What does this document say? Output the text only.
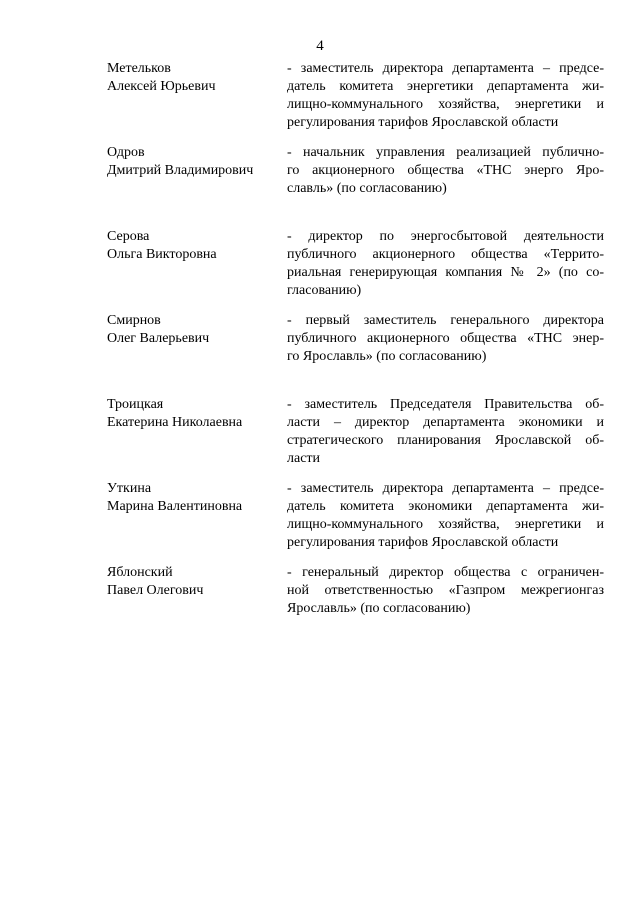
4
Метельков
Алексей Юрьевич
- заместитель директора департамента – предсе-
датель комитета энергетики департамента жи-
лищно-коммунального хозяйства, энергетики и
регулирования тарифов Ярославской области
Одров
Дмитрий Владимирович
- начальник управления реализацией публично-
го акционерного общества «ТНС энерго Яро-
славль» (по согласованию)
Серова
Ольга Викторовна
- директор по энергосбытовой деятельности
публичного акционерного общества «Террито-
риальная генерирующая компания № 2» (по со-
гласованию)
Смирнов
Олег Валерьевич
- первый заместитель генерального директора
публичного акционерного общества «ТНС энер-
го Ярославль» (по согласованию)
Троицкая
Екатерина Николаевна
- заместитель Председателя Правительства об-
ласти – директор департамента экономики и
стратегического планирования Ярославской об-
ласти
Уткина
Марина Валентиновна
- заместитель директора департамента – предсе-
датель комитета экономики департамента жи-
лищно-коммунального хозяйства, энергетики и
регулирования тарифов Ярославской области
Яблонский
Павел Олегович
- генеральный директор общества с ограничен-
ной ответственностью «Газпром межрегионгаз
Ярославль» (по согласованию)
